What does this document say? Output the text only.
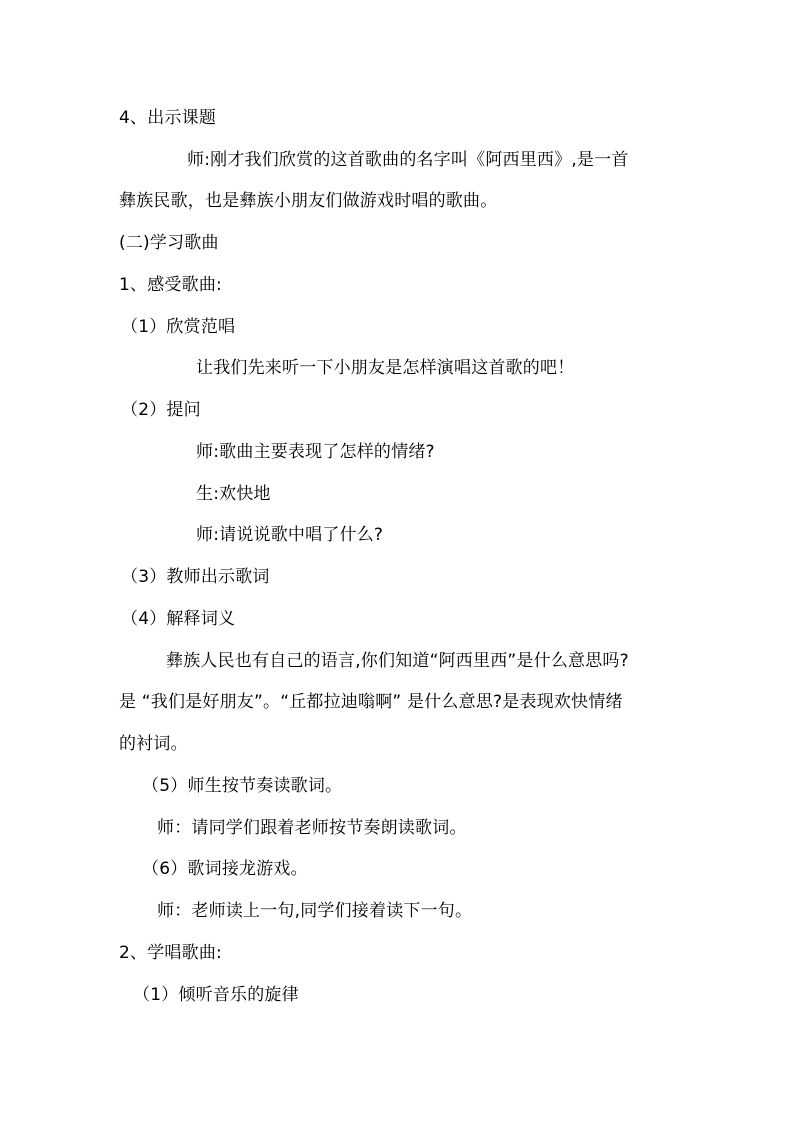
4、出示课题
师:刚才我们欣赏的这首歌曲的名字叫《阿西里西》,是一首
彝族民歌，也是彝族小朋友们做游戏时唱的歌曲。
(二)学习歌曲
1、感受歌曲:
（1）欣赏范唱
让我们先来听一下小朋友是怎样演唱这首歌的吧！
（2）提问
师:歌曲主要表现了怎样的情绪?
生:欢快地
师:请说说歌中唱了什么?
（3）教师出示歌词
（4）解释词义
彝族人民也有自己的语言,你们知道“阿西里西”是什么意思吗?
是 “我们是好朋友”。“丘都拉迪嗡啊” 是什么意思?是表现欢快情绪
的衬词。
（5）师生按节奏读歌词。
师：请同学们跟着老师按节奏朗读歌词。
（6）歌词接龙游戏。
师：老师读上一句,同学们接着读下一句。
2、学唱歌曲:
（1）倾听音乐的旋律
